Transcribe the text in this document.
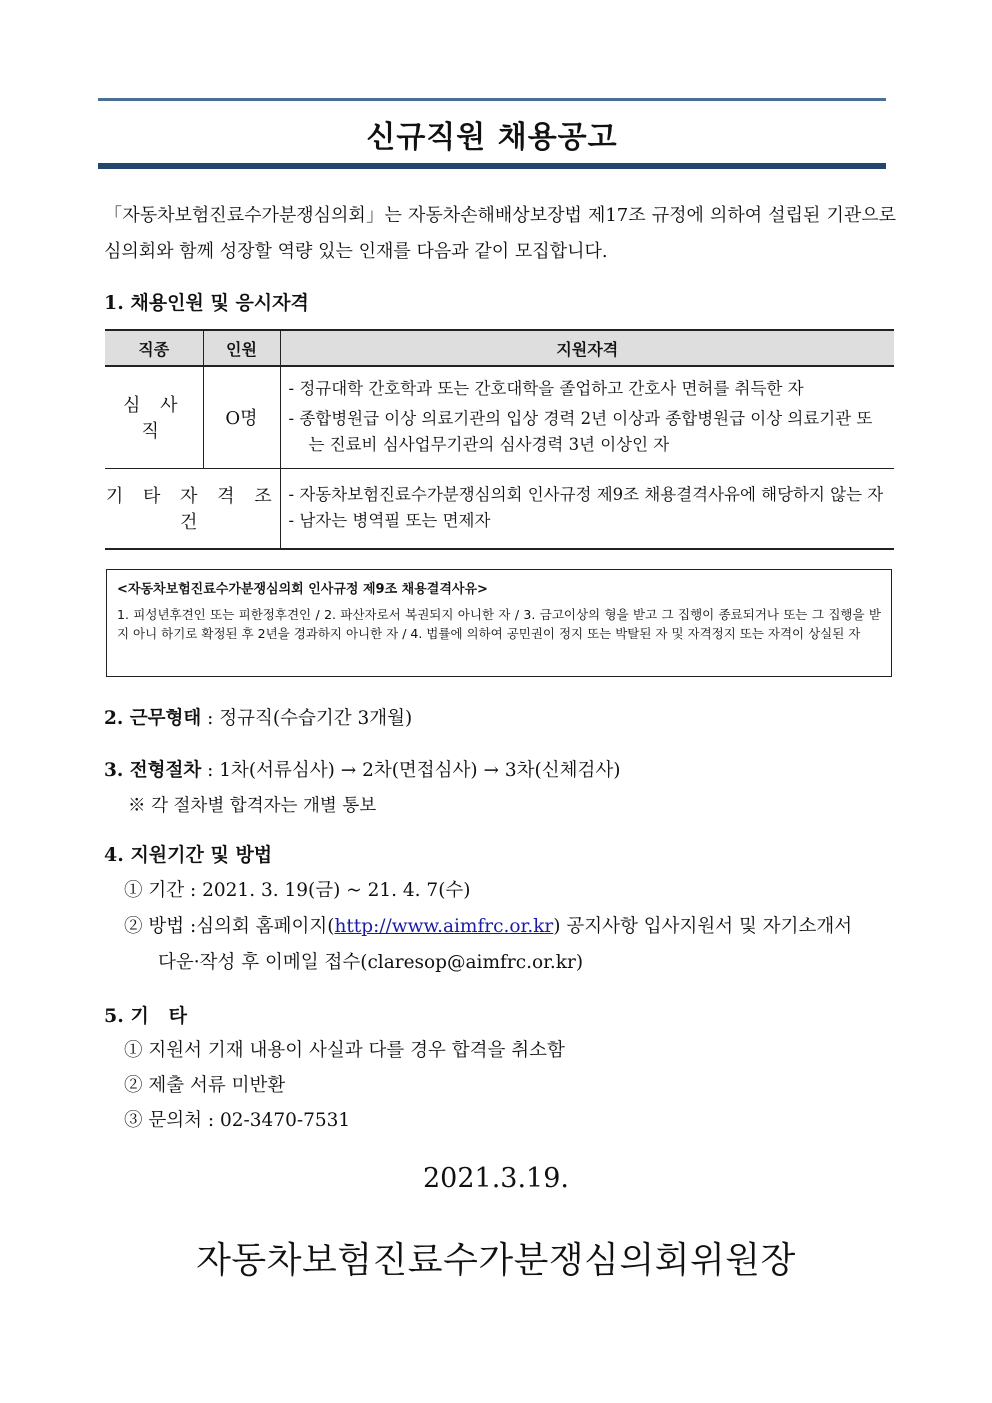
신규직원 채용공고
「자동차보험진료수가분쟁심의회」는 자동차손해배상보장법 제17조 규정에 의하여 설립된 기관으로 심의회와 함께 성장할 역량 있는 인재를 다음과 같이 모집합니다.
1. 채용인원 및 응시자격
직종	인원	지원자격
심 사 직	O명	- 정규대학 간호학과 또는 간호대학을 졸업하고 간호사 면허를 취득한 자
- 종합병원급 이상 의료기관의 입상 경력 2년 이상과 종합병원급 이상 의료기관 또는 진료비 심사업무기관의 심사경력 3년 이상인 자

기 타 자 격 조 건		- 자동차보험진료수가분쟁심의회 인사규정 제9조 채용결격사유에 해당하지 않는 자
- 남자는 병역필 또는 면제자
<자동차보험진료수가분쟁심의회 인사규정 제9조 채용결격사유>
1. 피성년후견인 또는 피한정후견인 / 2. 파산자로서 복권되지 아니한 자 / 3. 금고이상의 형을 받고 그 집행이 종료되거나 또는 그 집행을 받지 아니 하기로 확정된 후 2년을 경과하지 아니한 자 / 4. 법률에 의하여 공민권이 정지 또는 박탈된 자 및 자격정지 또는 자격이 상실된 자
2. 근무형태 : 정규직(수습기간 3개월)
3. 전형절차 : 1차(서류심사) → 2차(면접심사) → 3차(신체검사)
※ 각 절차별 합격자는 개별 통보
4. 지원기간 및 방법
① 기간 : 2021. 3. 19(금) ~ 21. 4. 7(수)
② 방법 :심의회 홈페이지(http://www.aimfrc.or.kr) 공지사항 입사지원서 및 자기소개서
다운·작성 후 이메일 접수(claresop@aimfrc.or.kr)
5. 기   타
① 지원서 기재 내용이 사실과 다를 경우 합격을 취소함
② 제출 서류 미반환
③ 문의처 : 02-3470-7531
2021.3.19.
자동차보험진료수가분쟁심의회위원장
